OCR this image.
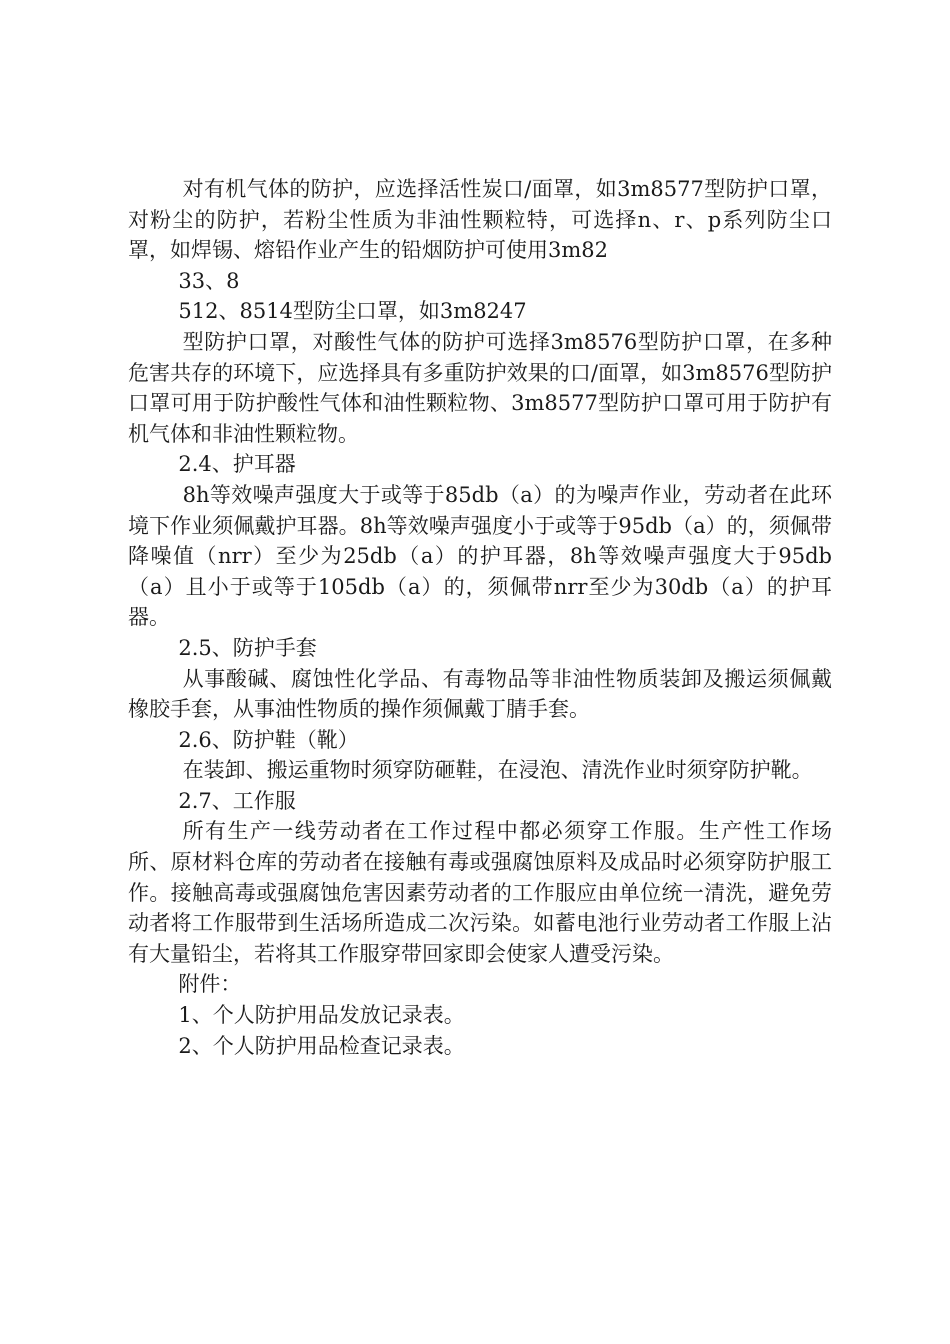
对有机气体的防护，应选择活性炭口/面罩，如3m8577型防护口罩，对粉尘的防护，若粉尘性质为非油性颗粒特，可选择n、r、p系列防尘口罩，如焊锡、熔铅作业产生的铅烟防护可使用3m82

33、8

512、8514型防尘口罩，如3m8247

型防护口罩，对酸性气体的防护可选择3m8576型防护口罩，在多种危害共存的环境下，应选择具有多重防护效果的口/面罩，如3m8576型防护口罩可用于防护酸性气体和油性颗粒物、3m8577型防护口罩可用于防护有机气体和非油性颗粒物。

2.4、护耳器

8h等效噪声强度大于或等于85db（a）的为噪声作业，劳动者在此环境下作业须佩戴护耳器。8h等效噪声强度小于或等于95db（a）的，须佩带降噪值（nrr）至少为25db（a）的护耳器，8h等效噪声强度大于95db（a）且小于或等于105db（a）的，须佩带nrr至少为30db（a）的护耳器。

2.5、防护手套

从事酸碱、腐蚀性化学品、有毒物品等非油性物质装卸及搬运须佩戴橡胶手套，从事油性物质的操作须佩戴丁腈手套。

2.6、防护鞋（靴）

在装卸、搬运重物时须穿防砸鞋，在浸泡、清洗作业时须穿防护靴。

2.7、工作服

所有生产一线劳动者在工作过程中都必须穿工作服。生产性工作场所、原材料仓库的劳动者在接触有毒或强腐蚀原料及成品时必须穿防护服工作。接触高毒或强腐蚀危害因素劳动者的工作服应由单位统一清洗，避免劳动者将工作服带到生活场所造成二次污染。如蓄电池行业劳动者工作服上沾有大量铅尘，若将其工作服穿带回家即会使家人遭受污染。

附件：

1、个人防护用品发放记录表。

2、个人防护用品检查记录表。
